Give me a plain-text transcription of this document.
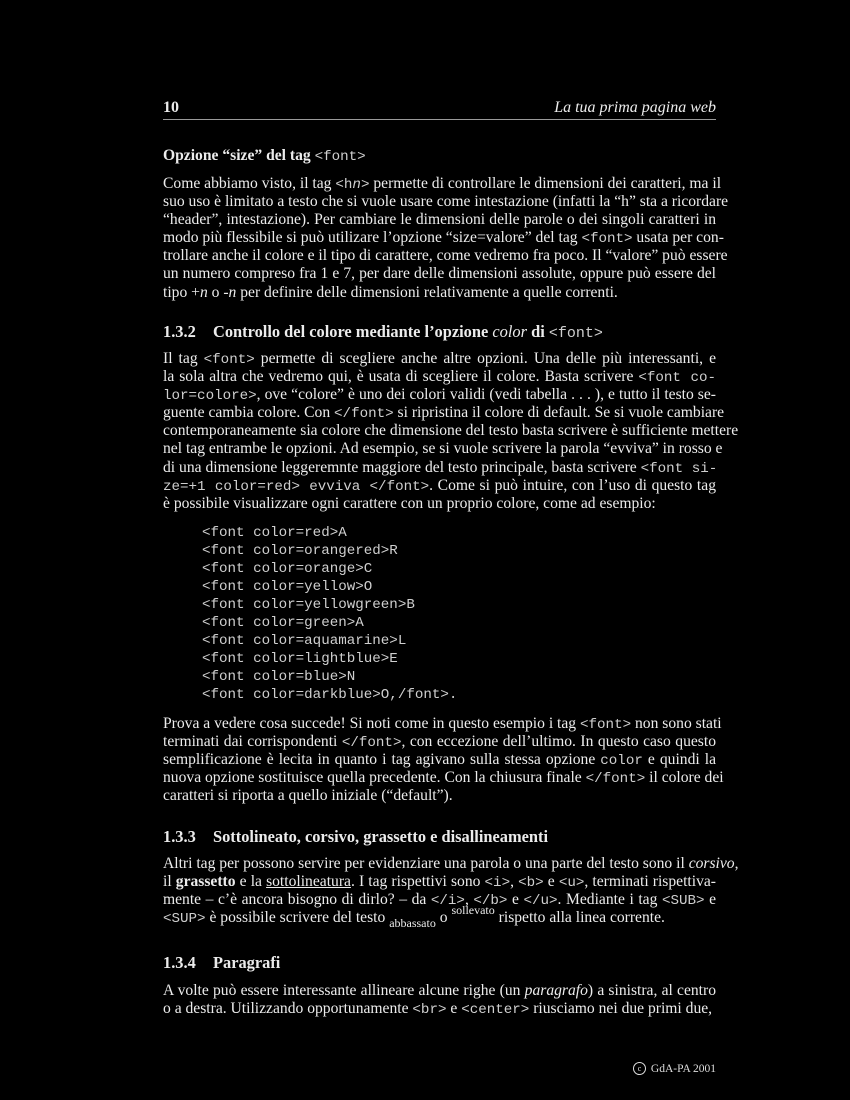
10	La tua prima pagina web
Opzione “size” del tag <font>
Come abbiamo visto, il tag <hn> permette di controllare le dimensioni dei caratteri, ma il
suo uso è limitato a testo che si vuole usare come intestazione (infatti la “h” sta a ricordare
“header”, intestazione). Per cambiare le dimensioni delle parole o dei singoli caratteri in
modo più flessibile si può utilizare l’opzione “size=valore” del tag <font> usata per con-
trollare anche il colore e il tipo di carattere, come vedremo fra poco. Il “valore” può essere
un numero compreso fra 1 e 7, per dare delle dimensioni assolute, oppure può essere del
tipo +n o -n per definire delle dimensioni relativamente a quelle correnti.
1.3.2 Controllo del colore mediante l’opzione color di <font>
Il tag <font> permette di scegliere anche altre opzioni. Una delle più interessanti, e
la sola altra che vedremo qui, è usata di scegliere il colore. Basta scrivere <font co-
lor=colore>, ove “colore” è uno dei colori validi (vedi tabella . . . ), e tutto il testo se-
guente cambia colore. Con </font> si ripristina il colore di default. Se si vuole cambiare
contemporaneamente sia colore che dimensione del testo basta scrivere è sufficiente mettere
nel tag entrambe le opzioni. Ad esempio, se si vuole scrivere la parola “evviva” in rosso e
di una dimensione leggeremnte maggiore del testo principale, basta scrivere <font si-
ze=+1 color=red> evviva </font>. Come si può intuire, con l’uso di questo tag
è possibile visualizzare ogni carattere con un proprio colore, come ad esempio:
<font color=red>A
<font color=orangered>R
<font color=orange>C
<font color=yellow>O
<font color=yellowgreen>B
<font color=green>A
<font color=aquamarine>L
<font color=lightblue>E
<font color=blue>N
<font color=darkblue>O,/font>.
Prova a vedere cosa succede! Si noti come in questo esempio i tag <font> non sono stati
terminati dai corrispondenti </font>, con eccezione dell’ultimo. In questo caso questo
semplificazione è lecita in quanto i tag agivano sulla stessa opzione color e quindi la
nuova opzione sostituisce quella precedente. Con la chiusura finale </font> il colore dei
caratteri si riporta a quello iniziale (“default”).
1.3.3 Sottolineato, corsivo, grassetto e disallineamenti
Altri tag per possono servire per evidenziare una parola o una parte del testo sono il corsivo,
il grassetto e la sottolineatura. I tag rispettivi sono <i>, <b> e <u>, terminati rispettiva-
mente – c’è ancora bisogno di dirlo? – da </i>, </b> e </u>. Mediante i tag <SUB> e
<SUP> è possibile scrivere del testo $_{abbassato}$ o $^{sollevato}$ rispetto alla linea corrente.
1.3.4 Paragrafi
A volte può essere interessante allineare alcune righe (un paragrafo) a sinistra, al centro
o a destra. Utilizzando opportunamente <br> e <center> riusciamo nei due primi due,
c GdA-PA 2001
